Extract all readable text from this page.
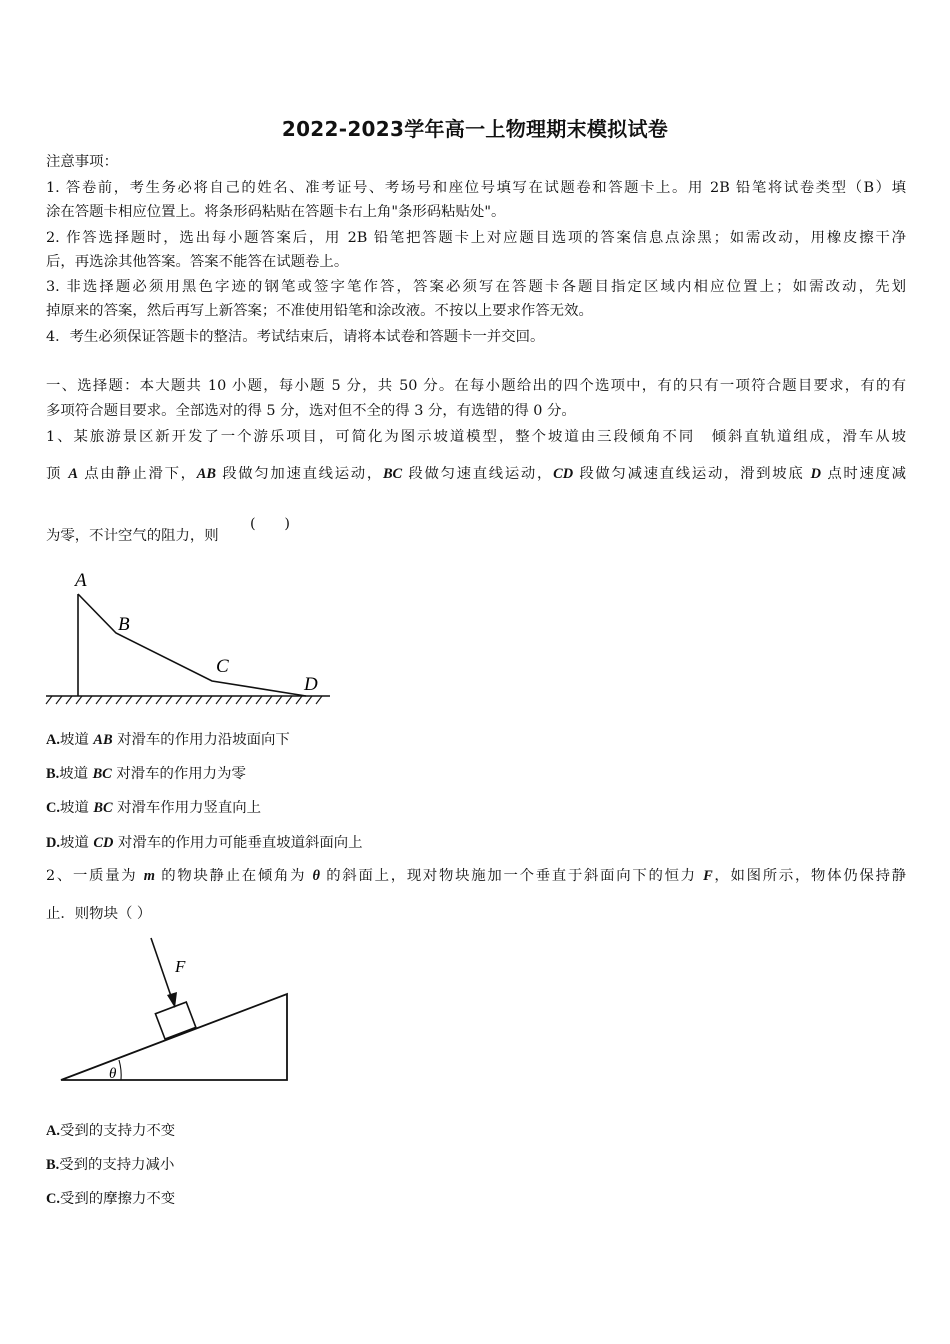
2022-2023学年高一上物理期末模拟试卷
注意事项：
1. 答卷前，考生务必将自己的姓名、准考证号、考场号和座位号填写在试题卷和答题卡上。用 2B 铅笔将试卷类型（B）填
涂在答题卡相应位置上。将条形码粘贴在答题卡右上角"条形码粘贴处"。
2. 作答选择题时，选出每小题答案后，用 2B 铅笔把答题卡上对应题目选项的答案信息点涂黑；如需改动，用橡皮擦干净
后，再选涂其他答案。答案不能答在试题卷上。
3. 非选择题必须用黑色字迹的钢笔或签字笔作答，答案必须写在答题卡各题目指定区域内相应位置上；如需改动，先划
掉原来的答案，然后再写上新答案；不准使用铅笔和涂改液。不按以上要求作答无效。
4．考生必须保证答题卡的整洁。考试结束后，请将本试卷和答题卡一并交回。
一、选择题：本大题共 10 小题，每小题 5 分，共 50 分。在每小题给出的四个选项中，有的只有一项符合题目要求，有的有
多项符合题目要求。全部选对的得 5 分，选对但不全的得 3 分，有选错的得 0 分。
1、某旅游景区新开发了一个游乐项目，可简化为图示坡道模型，整个坡道由三段倾角不同　倾斜直轨道组成，滑车从坡
顶 A 点由静止滑下，AB 段做匀加速直线运动，BC 段做匀速直线运动，CD 段做匀减速直线运动，滑到坡底 D 点时速度减
为零，不计空气的阻力，则
(　　)
A
B
C
D
A.坡道 AB 对滑车的作用力沿坡面向下
B.坡道 BC 对滑车的作用力为零
C.坡道 BC 对滑车作用力竖直向上
D.坡道 CD 对滑车的作用力可能垂直坡道斜面向上
2、一质量为 m 的物块静止在倾角为 θ 的斜面上，现对物块施加一个垂直于斜面向下的恒力 F，如图所示，物体仍保持静
止．则物块（ ）
F
θ
A.受到的支持力不变
B.受到的支持力减小
C.受到的摩擦力不变
